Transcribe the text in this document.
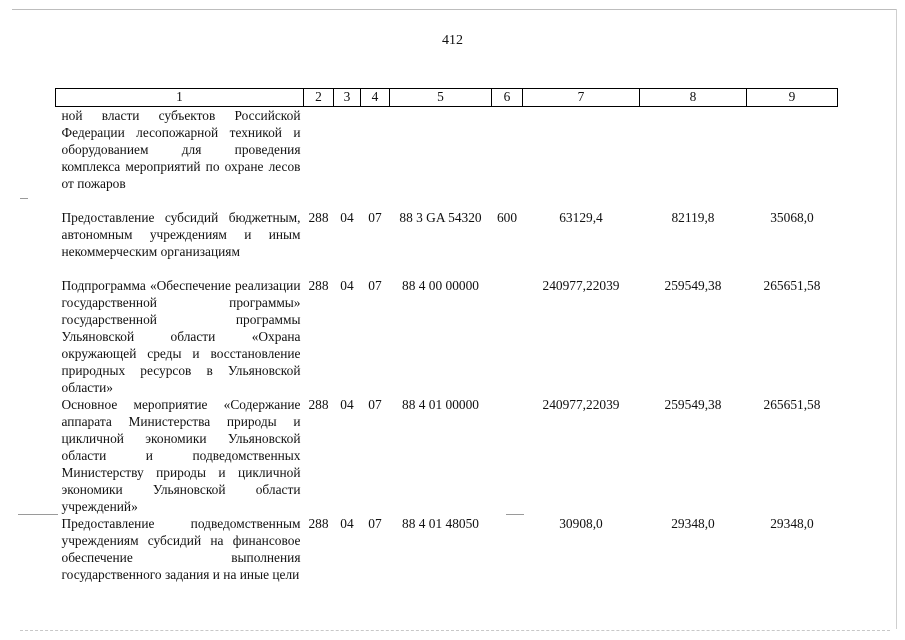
412
1	2	3	4	5	6	7	8	9
ной власти субъектов Российской Федерации лесопожарной техникой и оборудованием для проведения комплекса мероприятий по охране лесов от пожаров								
Предоставление субсидий бюджетным, автономным учреждениям и иным некоммерческим организациям	288	04	07	88 3 GA 54320	600	63129,4	82119,8	35068,0
Подпрограмма «Обеспечение реализации государственной программы» государственной программы Ульяновской области «Охрана окружающей среды и восстановление природных ресурсов в Ульяновской области»	288	04	07	88 4 00 00000		240977,22039	259549,38	265651,58
Основное мероприятие «Содержание аппарата Министерства природы и цикличной экономики Ульяновской области и подведомственных Министерству природы и цикличной экономики Ульяновской области учреждений»	288	04	07	88 4 01 00000		240977,22039	259549,38	265651,58
Предоставление подведомственным учреждениям субсидий на финансовое обеспечение выполнения государственного задания и на иные цели	288	04	07	88 4 01 48050		30908,0	29348,0	29348,0
